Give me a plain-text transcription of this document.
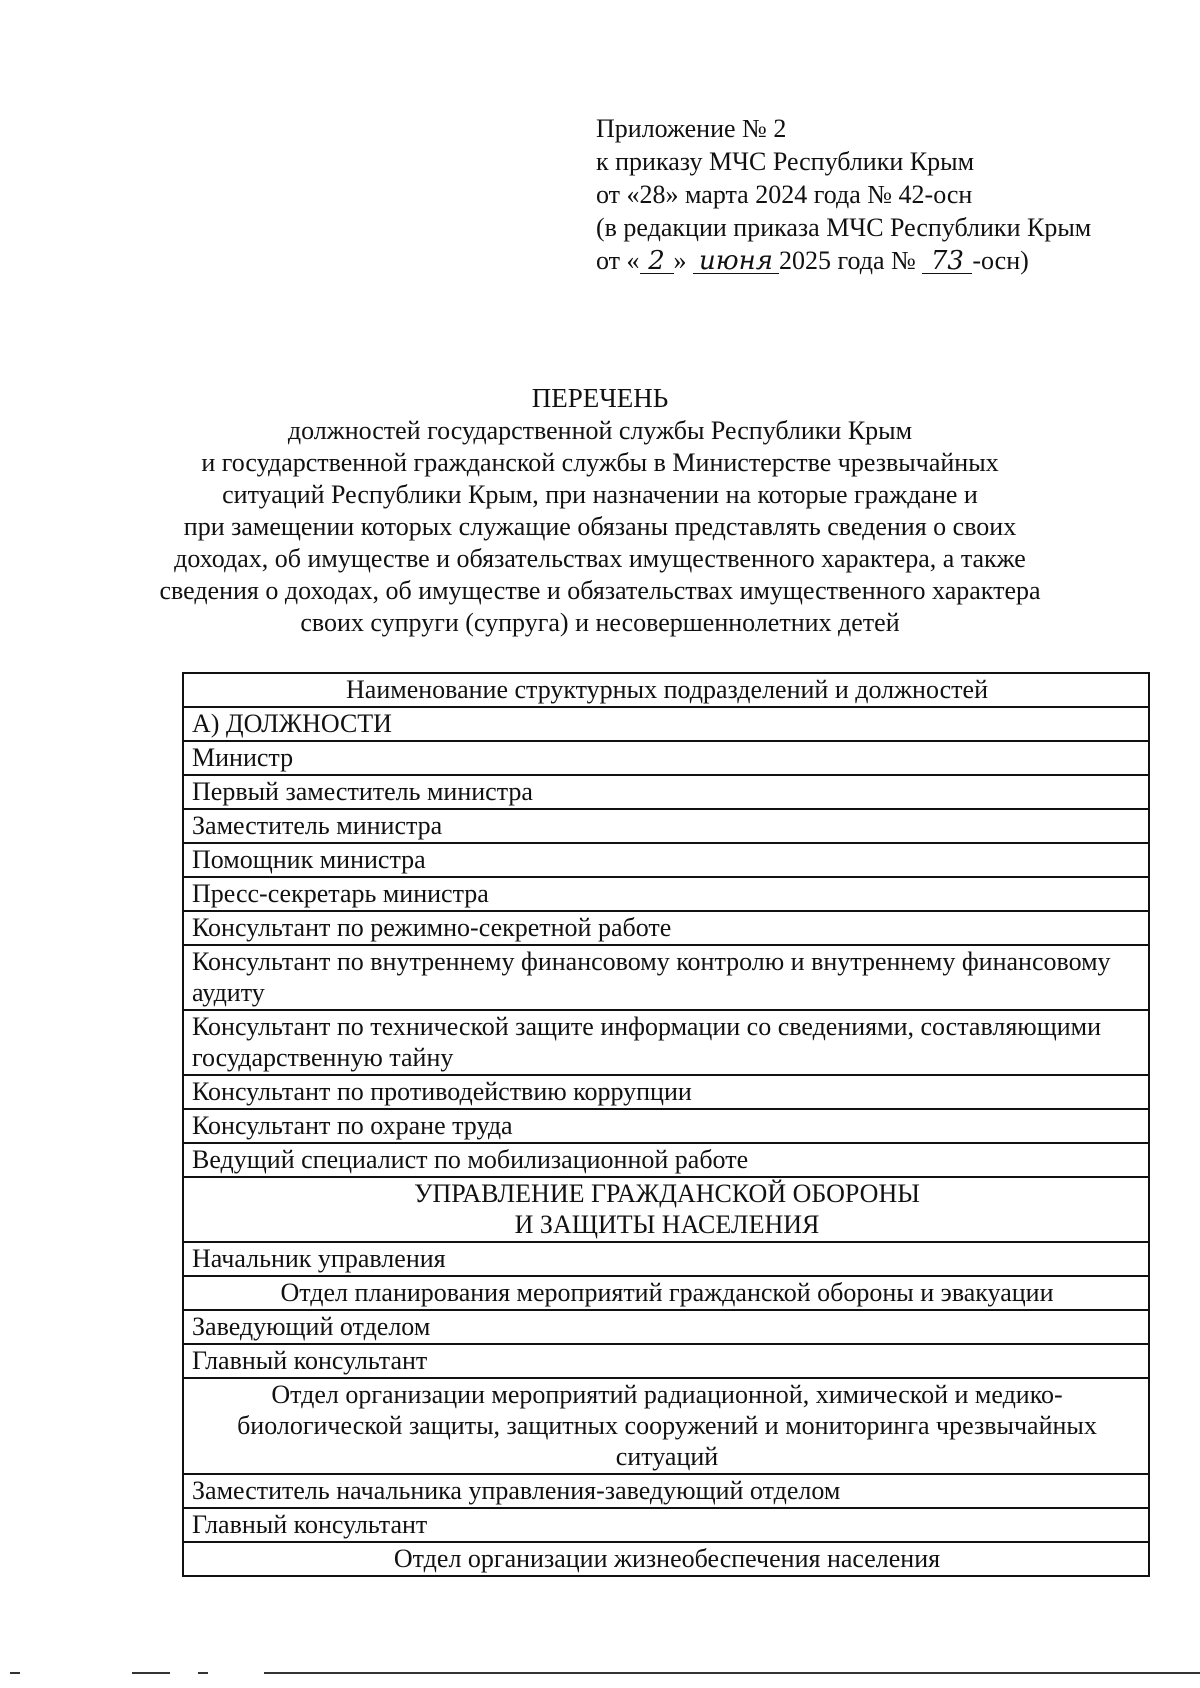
Приложение № 2
к приказу МЧС Республики Крым
от «28» марта 2024 года № 42-осн
(в редакции приказа МЧС Республики Крым
от « 2 » июня 2025 года № 73 -осн)
ПЕРЕЧЕНЬ
должностей государственной службы Республики Крым
и государственной гражданской службы в Министерстве чрезвычайных
ситуаций Республики Крым, при назначении на которые граждане и
при замещении которых служащие обязаны представлять сведения о своих
доходах, об имуществе и обязательствах имущественного характера, а также
сведения о доходах, об имуществе и обязательствах имущественного характера
своих супруги (супруга) и несовершеннолетних детей
Наименование структурных подразделений и должностей
А) ДОЛЖНОСТИ
Министр
Первый заместитель министра
Заместитель министра
Помощник министра
Пресс-секретарь министра
Консультант по режимно-секретной работе
Консультант по внутреннему финансовому контролю и внутреннему финансовому аудиту
Консультант по технической защите информации со сведениями, составляющими государственную тайну
Консультант по противодействию коррупции
Консультант по охране труда
Ведущий специалист по мобилизационной работе

УПРАВЛЕНИЕ ГРАЖДАНСКОЙ ОБОРОНЫ
И ЗАЩИТЫ НАСЕЛЕНИЯ

Начальник управления
Отдел планирования мероприятий гражданской обороны и эвакуации
Заведующий отделом
Главный консультант
Отдел организации мероприятий радиационной, химической и медико-биологической защиты, защитных сооружений и мониторинга чрезвычайных ситуаций
Заместитель начальника управления-заведующий отделом
Главный консультант
Отдел организации жизнеобеспечения населения
